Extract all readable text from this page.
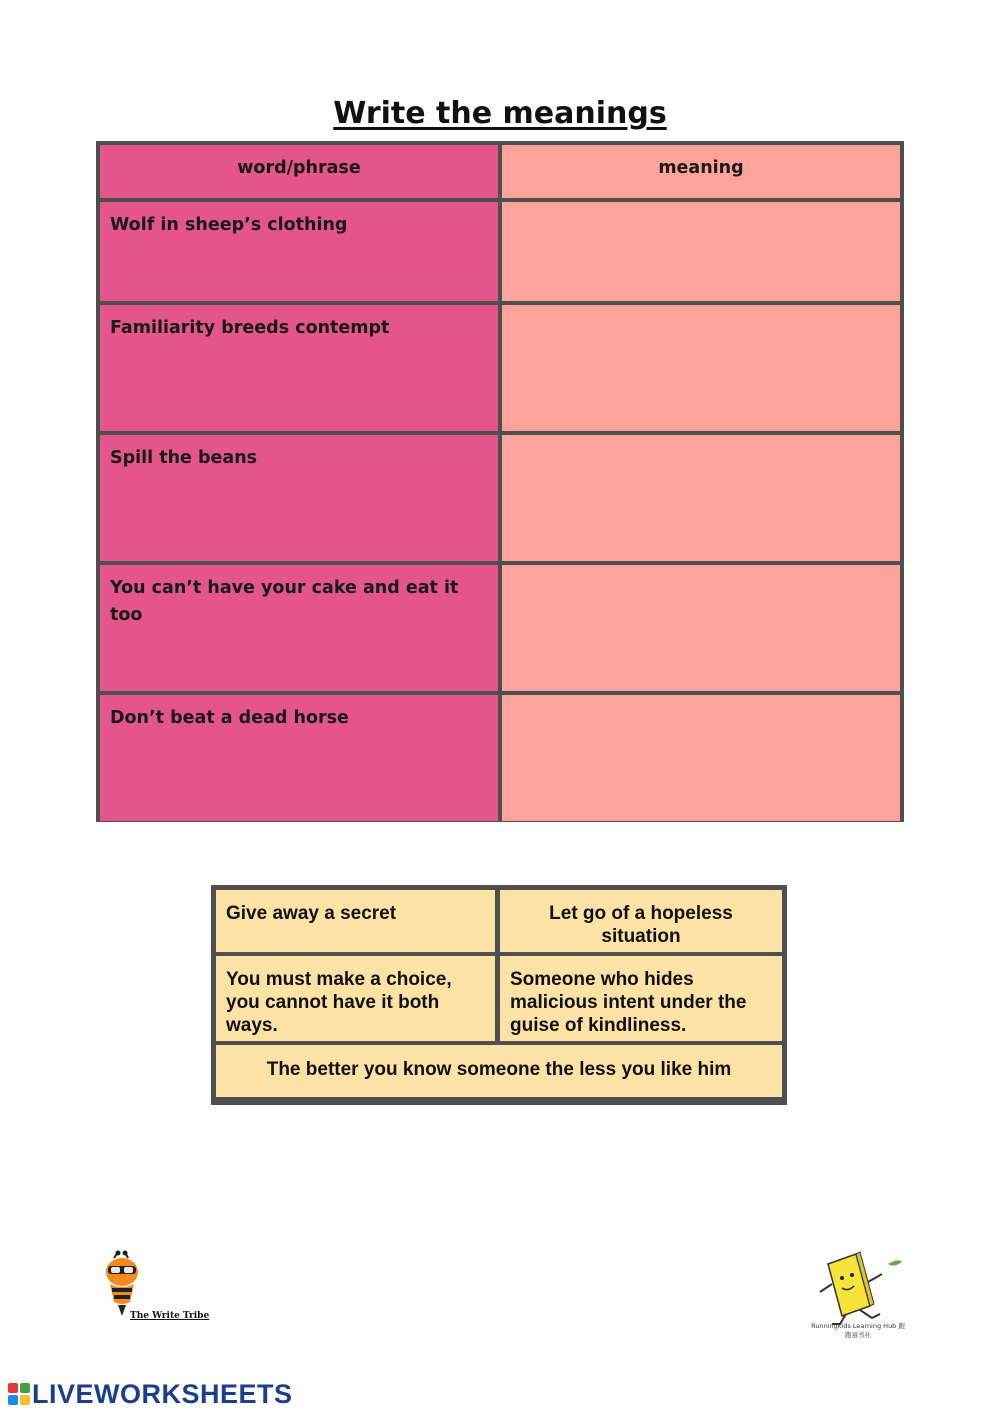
Write the meanings
word/phrase	meaning
Wolf in sheep’s clothing
Familiarity breeds contempt
Spill the beans
You can’t have your cake and eat it too
Don’t beat a dead horse
Give away a secret	Let go of a hopeless situation
You must make a choice, you cannot have it both ways.
Someone who hides malicious intent under the guise of kindliness.
The better you know someone the less you like him
The Write Tribe
Runningkids Learning Hub 跑跑童书社
LIVEWORKSHEETS
